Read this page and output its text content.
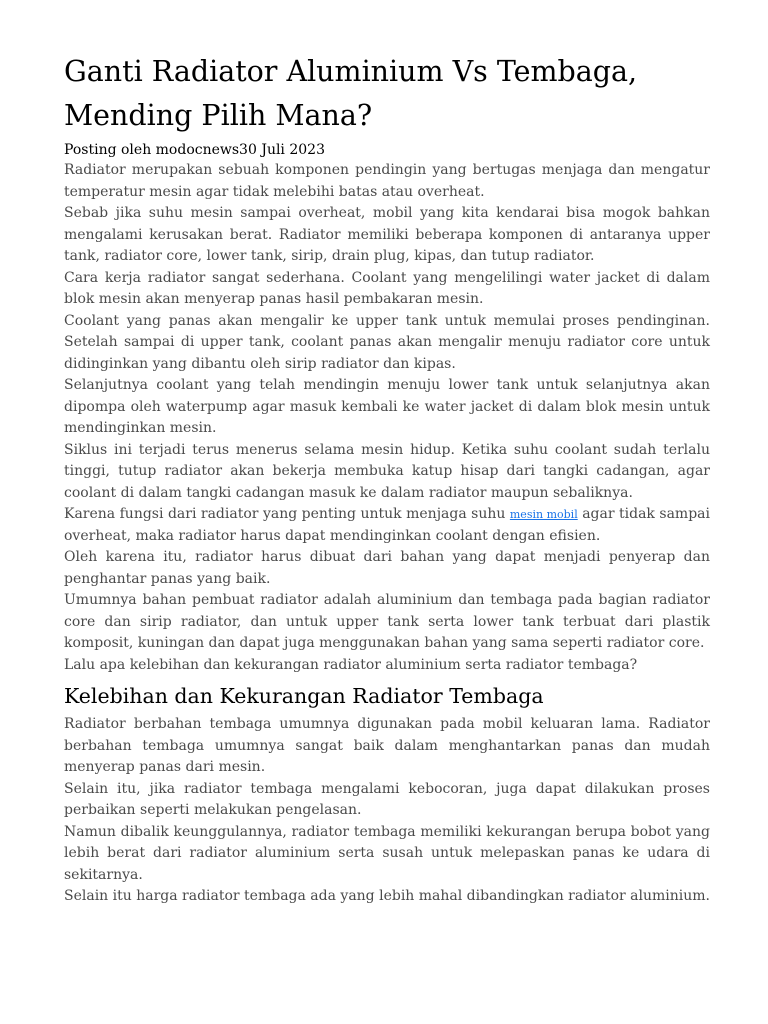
Ganti Radiator Aluminium Vs Tembaga, Mending Pilih Mana?
Posting oleh modocnews30 Juli 2023

Radiator merupakan sebuah komponen pendingin yang bertugas menjaga dan mengatur temperatur mesin agar tidak melebihi batas atau overheat.

Sebab jika suhu mesin sampai overheat, mobil yang kita kendarai bisa mogok bahkan mengalami kerusakan berat. Radiator memiliki beberapa komponen di antaranya upper tank, radiator core, lower tank, sirip, drain plug, kipas, dan tutup radiator.

Cara kerja radiator sangat sederhana. Coolant yang mengelilingi water jacket di dalam blok mesin akan menyerap panas hasil pembakaran mesin.

Coolant yang panas akan mengalir ke upper tank untuk memulai proses pendinginan. Setelah sampai di upper tank, coolant panas akan mengalir menuju radiator core untuk didinginkan yang dibantu oleh sirip radiator dan kipas.

Selanjutnya coolant yang telah mendingin menuju lower tank untuk selanjutnya akan dipompa oleh waterpump agar masuk kembali ke water jacket di dalam blok mesin untuk mendinginkan mesin.

Siklus ini terjadi terus menerus selama mesin hidup. Ketika suhu coolant sudah terlalu tinggi, tutup radiator akan bekerja membuka katup hisap dari tangki cadangan, agar coolant di dalam tangki cadangan masuk ke dalam radiator maupun sebaliknya.

Karena fungsi dari radiator yang penting untuk menjaga suhu mesin mobil agar tidak sampai overheat, maka radiator harus dapat mendinginkan coolant dengan efisien.

Oleh karena itu, radiator harus dibuat dari bahan yang dapat menjadi penyerap dan penghantar panas yang baik.

Umumnya bahan pembuat radiator adalah aluminium dan tembaga pada bagian radiator core dan sirip radiator, dan untuk upper tank serta lower tank terbuat dari plastik komposit, kuningan dan dapat juga menggunakan bahan yang sama seperti radiator core.

Lalu apa kelebihan dan kekurangan radiator aluminium serta radiator tembaga?

Kelebihan dan Kekurangan Radiator Tembaga

Radiator berbahan tembaga umumnya digunakan pada mobil keluaran lama. Radiator berbahan tembaga umumnya sangat baik dalam menghantarkan panas dan mudah menyerap panas dari mesin.

Selain itu, jika radiator tembaga mengalami kebocoran, juga dapat dilakukan proses perbaikan seperti melakukan pengelasan.

Namun dibalik keunggulannya, radiator tembaga memiliki kekurangan berupa bobot yang lebih berat dari radiator aluminium serta susah untuk melepaskan panas ke udara di sekitarnya.

Selain itu harga radiator tembaga ada yang lebih mahal dibandingkan radiator aluminium.
